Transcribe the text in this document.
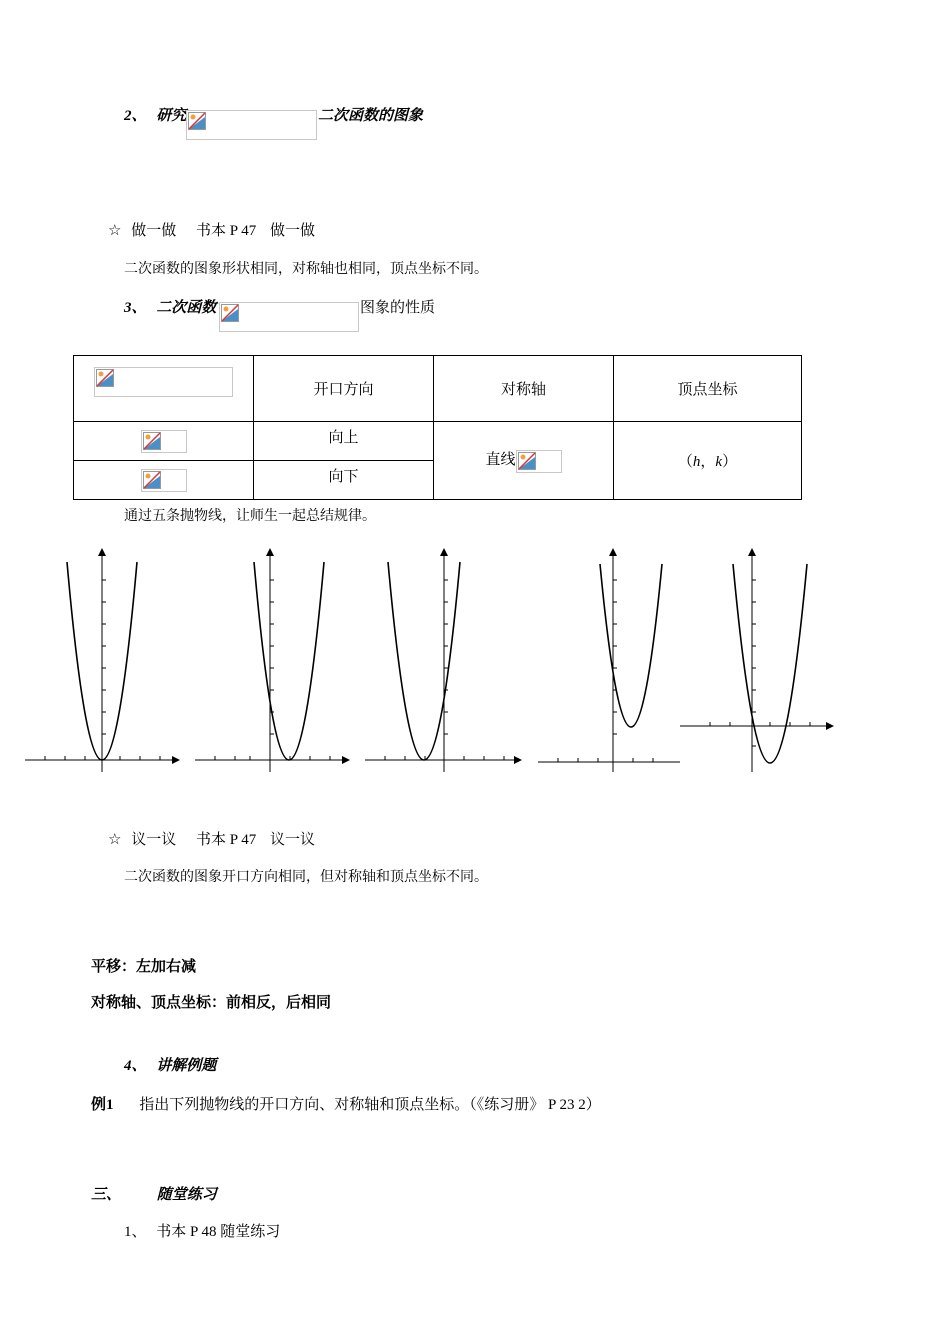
2、 研究	二次函数的图象
☆ 做一做 书本 P 47 做一做
二次函数的图象形状相同，对称轴也相同，顶点坐标不同。
3、 二次函数	图象的性质
	开口方向	对称轴	顶点坐标

	向上	直线	（h，k）

	向下		
通过五条抛物线，让师生一起总结规律。
☆ 议一议 书本 P 47 议一议
二次函数的图象开口方向相同，但对称轴和顶点坐标不同。
平移：左加右减
对称轴、顶点坐标：前相反，后相同
4、 讲解例题
例1 指出下列抛物线的开口方向、对称轴和顶点坐标。（《练习册》 P 23 2）
三、 随堂练习
1、 书本 P 48 随堂练习
